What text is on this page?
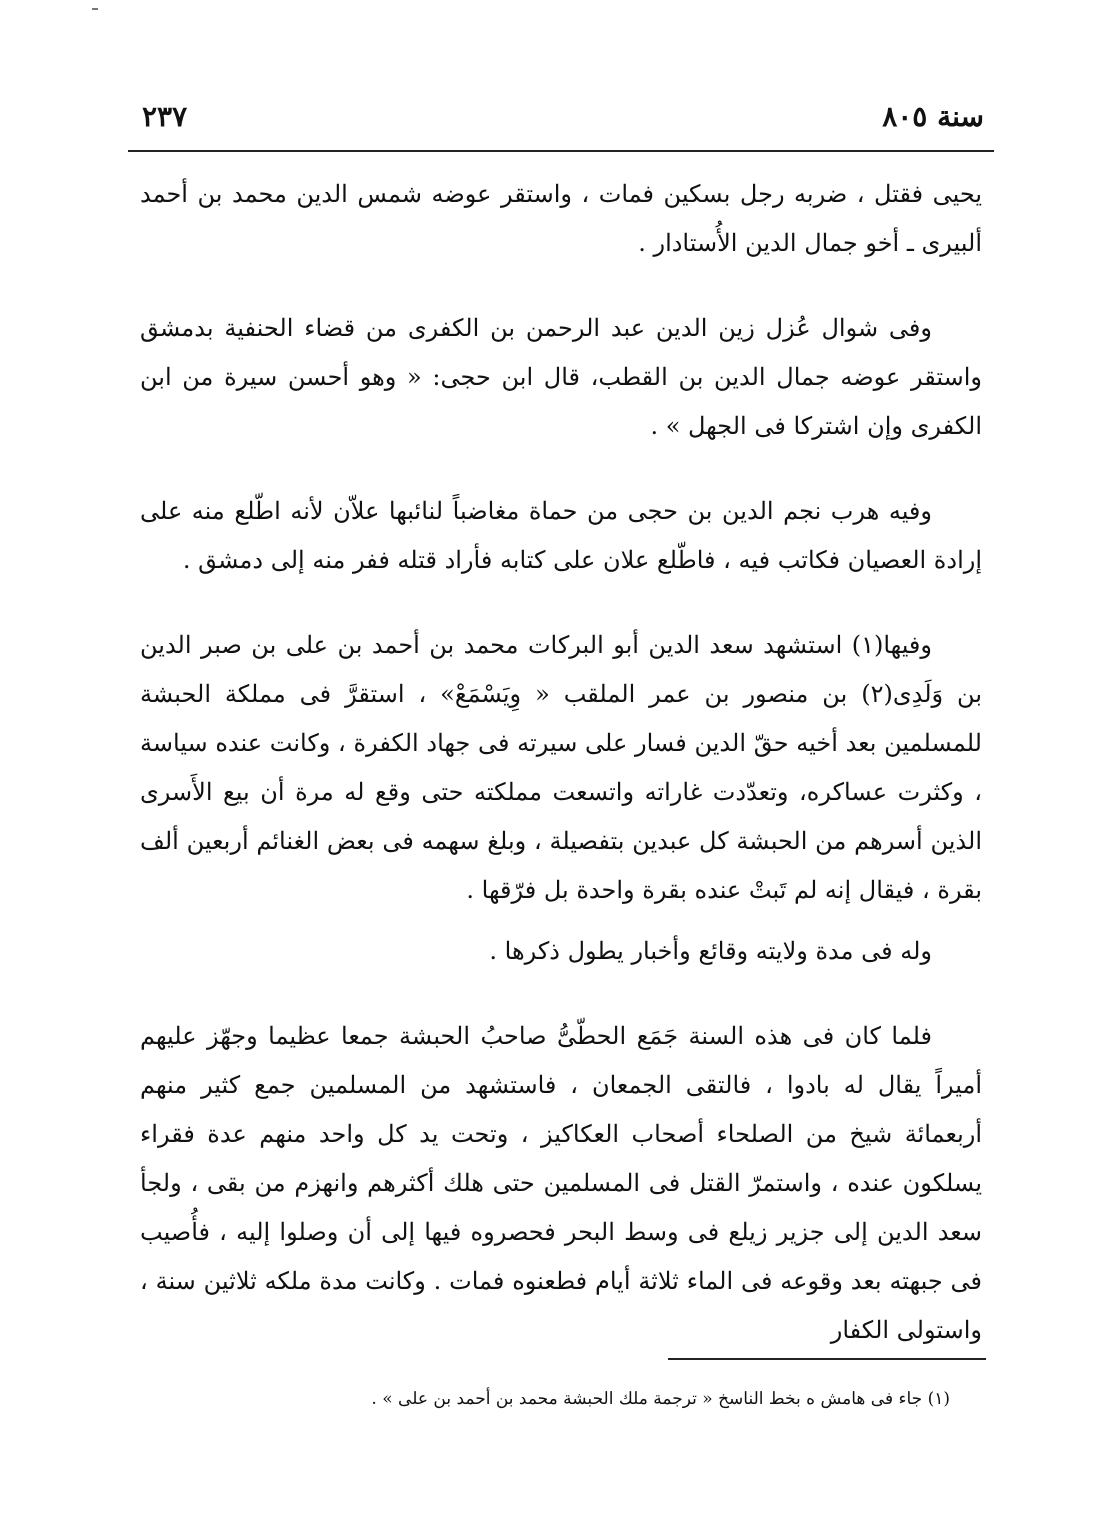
سنة ٨٠٥
٢٣٧

يحيى فقتل ، ضربه رجل بسكين فمات ، واستقر عوضه شمس الدين محمد بن أحمد ألبيرى ـ أخو جمال الدين الأُستادار .

وفى شوال عُزل زين الدين عبد الرحمن بن الكفرى من قضاء الحنفية بدمشق واستقر عوضه جمال الدين بن القطب، قال ابن حجى: « وهو أحسن سيرة من ابن الكفرى وإن اشتركا فى الجهل » .

وفيه هرب نجم الدين بن حجى من حماة مغاضباً لنائبها علاّن لأنه اطّلع منه على إرادة العصيان فكاتب فيه ، فاطّلع علان على كتابه فأراد قتله ففر منه إلى دمشق .

وفيها(١) استشهد سعد الدين أبو البركات محمد بن أحمد بن على بن صبر الدين بن وَلَدِى(٢) بن منصور بن عمر الملقب « وِيَسْمَعْ» ، استقرَّ فى مملكة الحبشة للمسلمين بعد أخيه حقّ الدين فسار على سيرته فى جهاد الكفرة ، وكانت عنده سياسة ، وكثرت عساكره، وتعدّدت غاراته واتسعت مملكته حتى وقع له مرة أن بيع الأَسرى الذين أسرهم من الحبشة كل عبدين بتفصيلة ، وبلغ سهمه فى بعض الغنائم أربعين ألف بقرة ، فيقال إنه لم تَبتْ عنده بقرة واحدة بل فرّقها .

وله فى مدة ولايته وقائع وأخبار يطول ذكرها .

فلما كان فى هذه السنة جَمَع الحطّىُّ صاحبُ الحبشة جمعا عظيما وجهّز عليهم أميراً يقال له بادوا ، فالتقى الجمعان ، فاستشهد من المسلمين جمع كثير منهم أربعمائة شيخ من الصلحاء أصحاب العكاكيز ، وتحت يد كل واحد منهم عدة فقراء يسلكون عنده ، واستمرّ القتل فى المسلمين حتى هلك أكثرهم وانهزم من بقى ، ولجأ سعد الدين إلى جزير زيلع فى وسط البحر فحصروه فيها إلى أن وصلوا إليه ، فأُصيب فى جبهته بعد وقوعه فى الماء ثلاثة أيام فطعنوه فمات . وكانت مدة ملكه ثلاثين سنة ، واستولى الكفار

(١) جاء فى هامش ه بخط الناسخ « ترجمة ملك الحبشة محمد بن أحمد بن على » .
